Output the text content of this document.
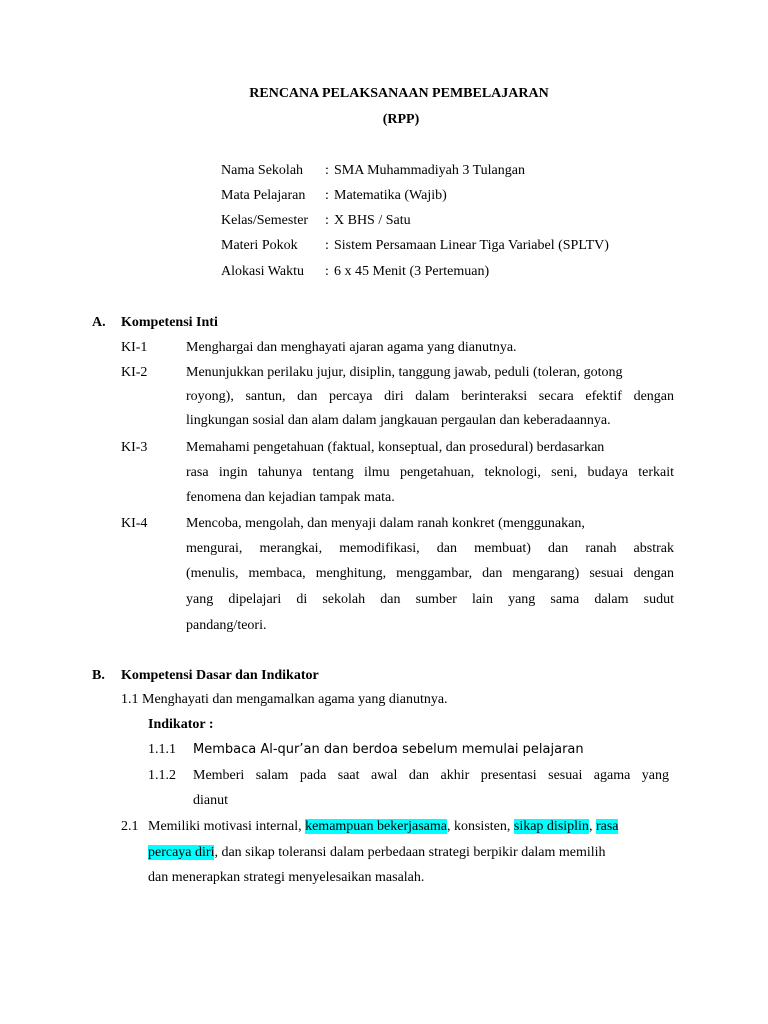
RENCANA PELAKSANAAN PEMBELAJARAN
(RPP)
Nama Sekolah : SMA Muhammadiyah 3 Tulangan
Mata Pelajaran : Matematika (Wajib)
Kelas/Semester : X BHS / Satu
Materi Pokok : Sistem Persamaan Linear Tiga Variabel (SPLTV)
Alokasi Waktu : 6 x 45 Menit (3 Pertemuan)
A. Kompetensi Inti
KI-1	Menghargai dan menghayati ajaran agama yang dianutnya.
KI-2	Menunjukkan perilaku jujur, disiplin, tanggung jawab, peduli (toleran, gotong
royong), santun, dan percaya diri dalam berinteraksi secara efektif dengan
lingkungan sosial dan alam dalam jangkauan pergaulan dan keberadaannya.
KI-3	Memahami pengetahuan (faktual, konseptual, dan prosedural) berdasarkan
rasa ingin tahunya tentang ilmu pengetahuan, teknologi, seni, budaya terkait
fenomena dan kejadian tampak mata.
KI-4	Mencoba, mengolah, dan menyaji dalam ranah konkret (menggunakan,
mengurai, merangkai, memodifikasi, dan membuat) dan ranah abstrak
(menulis, membaca, menghitung, menggambar, dan mengarang) sesuai dengan
yang dipelajari di sekolah dan sumber lain yang sama dalam sudut
pandang/teori.
B. Kompetensi Dasar dan Indikator
1.1 Menghayati dan mengamalkan agama yang dianutnya.
Indikator :
1.1.1 Membaca Al-qur’an dan berdoa sebelum memulai pelajaran
1.1.2 Memberi salam pada saat awal dan akhir presentasi sesuai agama yang
dianut
2.1 Memiliki motivasi internal, kemampuan bekerjasama, konsisten, sikap disiplin, rasa
percaya diri, dan sikap toleransi dalam perbedaan strategi berpikir dalam memilih
dan menerapkan strategi menyelesaikan masalah.
